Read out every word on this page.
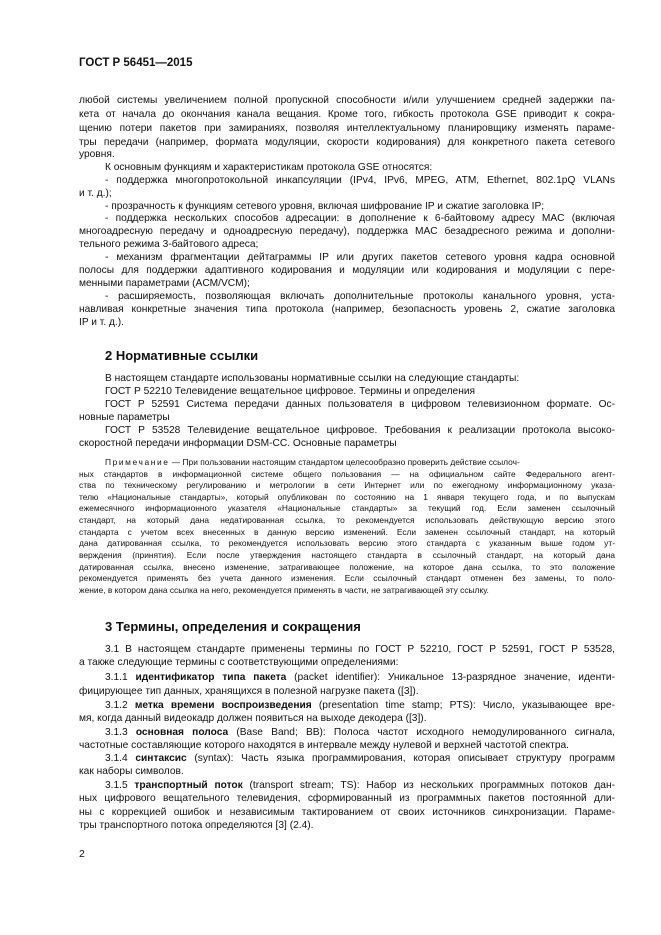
ГОСТ Р 56451—2015
любой системы увеличением полной пропускной способности и/или улучшением средней задержки па-
кета от начала до окончания канала вещания. Кроме того, гибкость протокола GSE приводит к сокра-
щению потери пакетов при замираниях, позволяя интеллектуальному планировщику изменять параме-
тры передачи (например, формата модуляции, скорости кодирования) для конкретного пакета сетевого
уровня.
К основным функциям и характеристикам протокола GSE относятся:
- поддержка многопротокольной инкапсуляции (IPv4, IPv6, MPEG, ATM, Ethernet, 802.1pQ VLANs
и т. д.);
- прозрачность к функциям сетевого уровня, включая шифрование IP и сжатие заголовка IP;
- поддержка нескольких способов адресации: в дополнение к 6-байтовому адресу MAC (включая
многоадресную передачу и одноадресную передачу), поддержка MAC безадресного режима и дополни-
тельного режима 3-байтового адреса;
- механизм фрагментации дейтаграммы IP или других пакетов сетевого уровня кадра основной
полосы для поддержки адаптивного кодирования и модуляции или кодирования и модуляции с пере-
менными параметрами (ACM/VCM);
- расширяемость, позволяющая включать дополнительные протоколы канального уровня, уста-
навливая конкретные значения типа протокола (например, безопасность уровень 2, сжатие заголовка
IP и т. д.).
2 Нормативные ссылки
В настоящем стандарте использованы нормативные ссылки на следующие стандарты:
ГОСТ Р 52210 Телевидение вещательное цифровое. Термины и определения
ГОСТ Р 52591 Система передачи данных пользователя в цифровом телевизионном формате. Ос-
новные параметры
ГОСТ Р 53528 Телевидение вещательное цифровое. Требования к реализации протокола высоко-
скоростной передачи информации DSM-CC. Основные параметры
Примечание — При пользовании настоящим стандартом целесообразно проверить действие ссылоч-
ных стандартов в информационной системе общего пользования — на официальном сайте Федерального агент-
ства по техническому регулированию и метрологии в сети Интернет или по ежегодному информационному указа-
телю «Национальные стандарты», который опубликован по состоянию на 1 января текущего года, и по выпускам
ежемесячного информационного указателя «Национальные стандарты» за текущий год. Если заменен ссылочный
стандарт, на который дана недатированная ссылка, то рекомендуется использовать действующую версию этого
стандарта с учетом всех внесенных в данную версию изменений. Если заменен ссылочный стандарт, на который
дана датированная ссылка, то рекомендуется использовать версию этого стандарта с указанным выше годом ут-
верждения (принятия). Если после утверждения настоящего стандарта в ссылочный стандарт, на который дана
датированная ссылка, внесено изменение, затрагивающее положение, на которое дана ссылка, то это положение
рекомендуется применять без учета данного изменения. Если ссылочный стандарт отменен без замены, то поло-
жение, в котором дана ссылка на него, рекомендуется применять в части, не затрагивающей эту ссылку.
3 Термины, определения и сокращения
3.1 В настоящем стандарте применены термины по ГОСТ Р 52210, ГОСТ Р 52591, ГОСТ Р 53528,
а также следующие термины с соответствующими определениями:
3.1.1 идентификатор типа пакета (packet identifier): Уникальное 13-разрядное значение, иденти-
фицирующее тип данных, хранящихся в полезной нагрузке пакета ([3]).
3.1.2 метка времени воспроизведения (presentation time stamp; PTS): Число, указывающее вре-
мя, когда данный видеокадр должен появиться на выходе декодера ([3]).
3.1.3 основная полоса (Base Band; BB): Полоса частот исходного немодулированного сигнала,
частотные составляющие которого находятся в интервале между нулевой и верхней частотой спектра.
3.1.4 синтаксис (syntax): Часть языка программирования, которая описывает структуру программ
как наборы символов.
3.1.5 транспортный поток (transport stream; TS): Набор из нескольких программных потоков дан-
ных цифрового вещательного телевидения, сформированный из программных пакетов постоянной дли-
ны с коррекцией ошибок и независимым тактированием от своих источников синхронизации. Параме-
тры транспортного потока определяются [3] (2.4).
2
